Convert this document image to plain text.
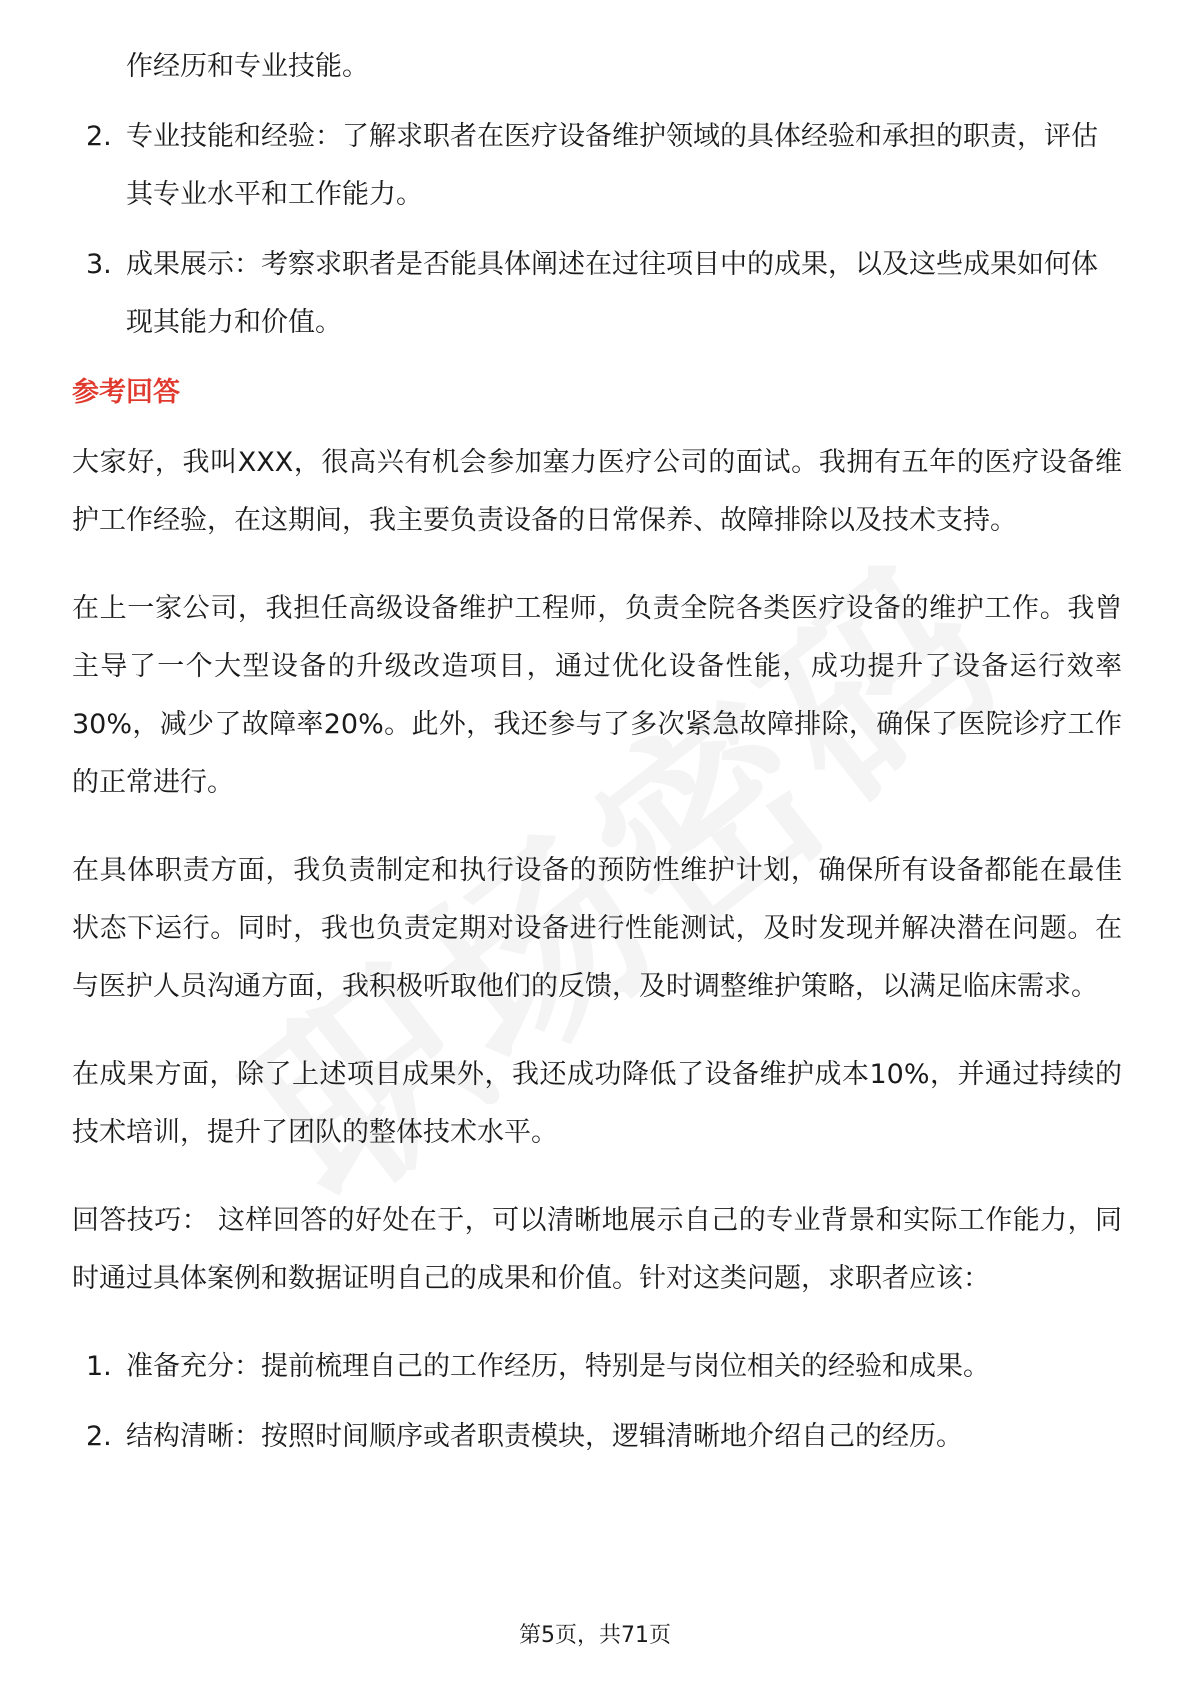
作经历和专业技能。
2. 专业技能和经验：了解求职者在医疗设备维护领域的具体经验和承担的职责，评估其专业水平和工作能力。
3. 成果展示：考察求职者是否能具体阐述在过往项目中的成果，以及这些成果如何体现其能力和价值。

参考回答

大家好，我叫XXX，很高兴有机会参加塞力医疗公司的面试。我拥有五年的医疗设备维护工作经验，在这期间，我主要负责设备的日常保养、故障排除以及技术支持。

在上一家公司，我担任高级设备维护工程师，负责全院各类医疗设备的维护工作。我曾主导了一个大型设备的升级改造项目，通过优化设备性能，成功提升了设备运行效率30%，减少了故障率20%。此外，我还参与了多次紧急故障排除，确保了医院诊疗工作的正常进行。

在具体职责方面，我负责制定和执行设备的预防性维护计划，确保所有设备都能在最佳状态下运行。同时，我也负责定期对设备进行性能测试，及时发现并解决潜在问题。在与医护人员沟通方面，我积极听取他们的反馈，及时调整维护策略，以满足临床需求。

在成果方面，除了上述项目成果外，我还成功降低了设备维护成本10%，并通过持续的技术培训，提升了团队的整体技术水平。

回答技巧： 这样回答的好处在于，可以清晰地展示自己的专业背景和实际工作能力，同时通过具体案例和数据证明自己的成果和价值。针对这类问题，求职者应该：

1. 准备充分：提前梳理自己的工作经历，特别是与岗位相关的经验和成果。
2. 结构清晰：按照时间顺序或者职责模块，逻辑清晰地介绍自己的经历。
第5页，共71页
